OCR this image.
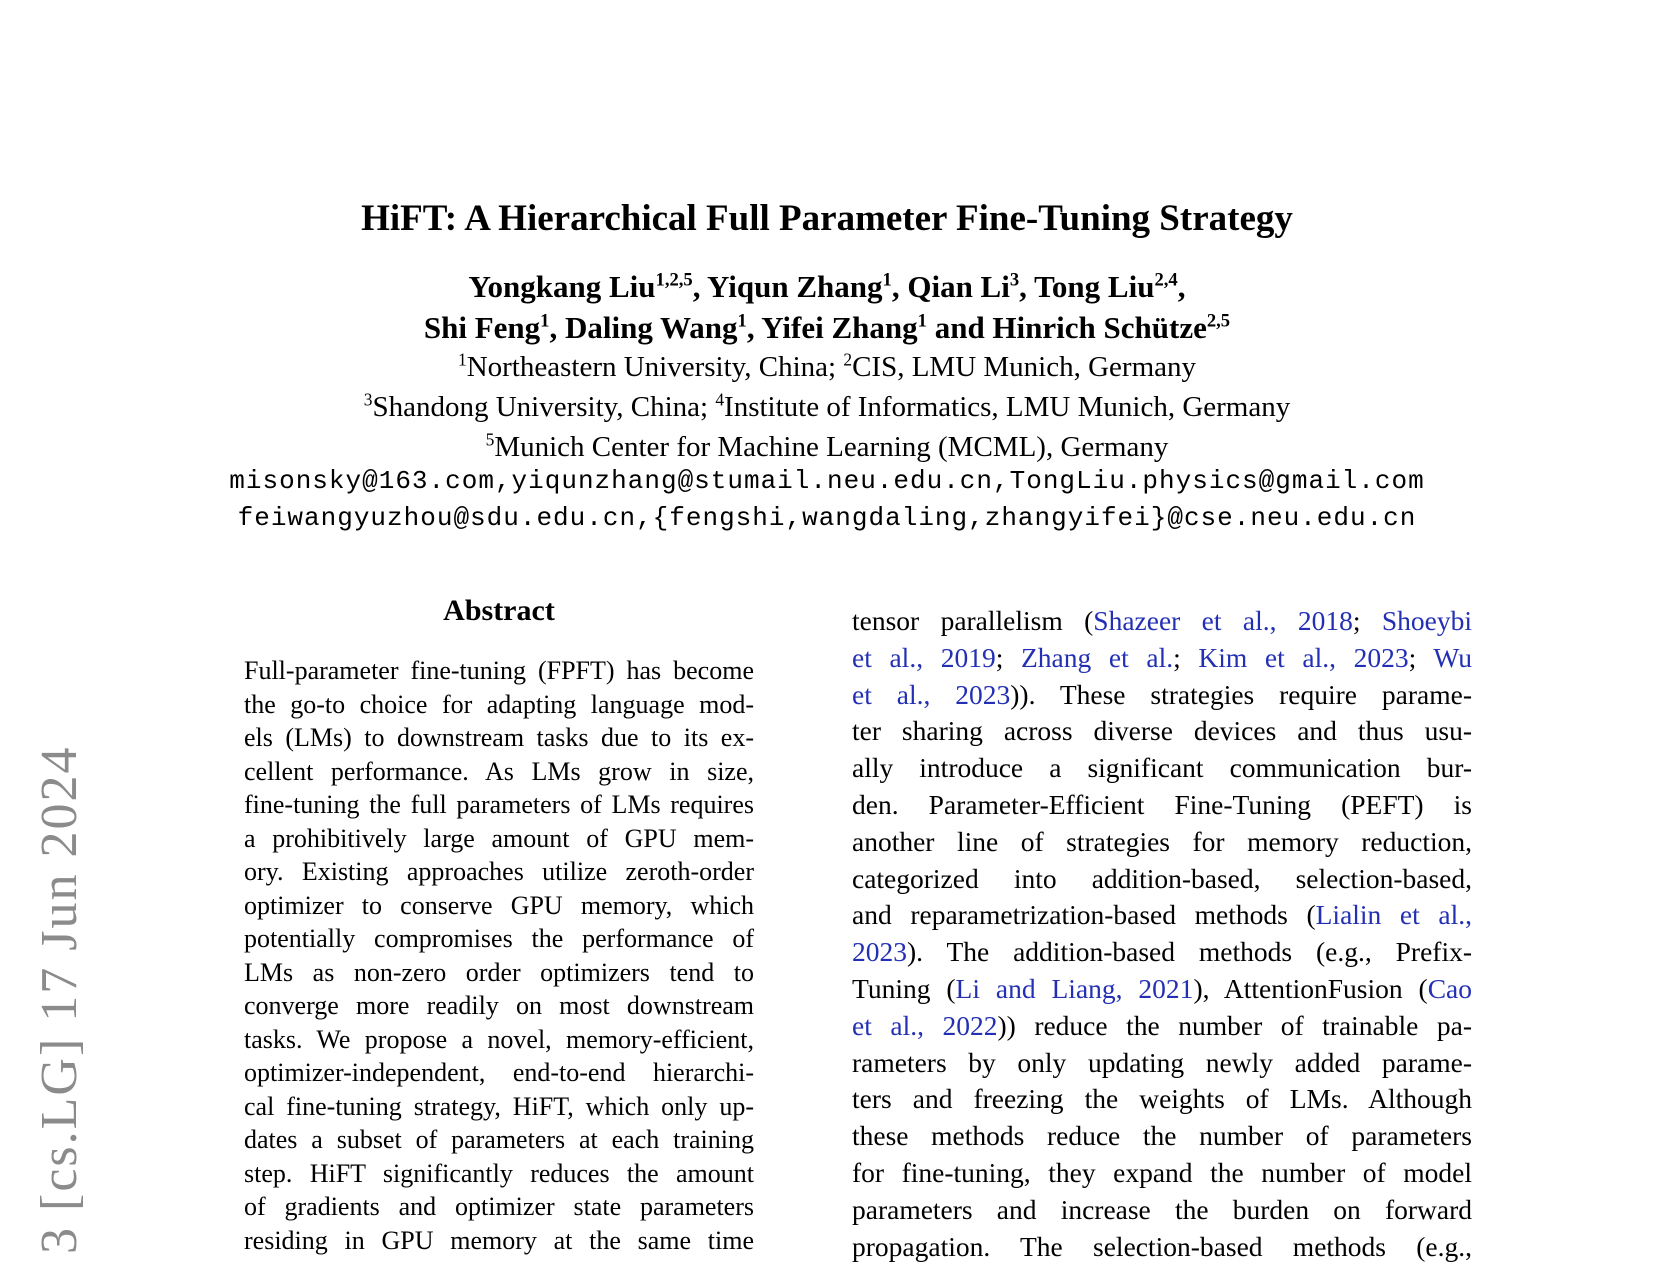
3 [cs.LG] 17 Jun 2024
HiFT: A Hierarchical Full Parameter Fine-Tuning Strategy
Yongkang Liu$^{1,2,5}$, Yiqun Zhang$^1$, Qian Li$^3$, Tong Liu$^{2,4}$,
Shi Feng$^1$, Daling Wang$^1$, Yifei Zhang$^1$ and Hinrich Schütze$^{2,5}$
$^1$Northeastern University, China; $^2$CIS, LMU Munich, Germany
$^3$Shandong University, China; $^4$Institute of Informatics, LMU Munich, Germany
$^5$Munich Center for Machine Learning (MCML), Germany
misonsky@163.com,yiqunzhang@stumail.neu.edu.cn,TongLiu.physics@gmail.com
feiwangyuzhou@sdu.edu.cn,{fengshi,wangdaling,zhangyifei}@cse.neu.edu.cn
Abstract
Full-parameter fine-tuning (FPFT) has become
the go-to choice for adapting language mod-
els (LMs) to downstream tasks due to its ex-
cellent performance. As LMs grow in size,
fine-tuning the full parameters of LMs requires
a prohibitively large amount of GPU mem-
ory. Existing approaches utilize zeroth-order
optimizer to conserve GPU memory, which
potentially compromises the performance of
LMs as non-zero order optimizers tend to
converge more readily on most downstream
tasks. We propose a novel, memory-efficient,
optimizer-independent, end-to-end hierarchi-
cal fine-tuning strategy, HiFT, which only up-
dates a subset of parameters at each training
step. HiFT significantly reduces the amount
of gradients and optimizer state parameters
residing in GPU memory at the same time
tensor parallelism (Shazeer et al., 2018; Shoeybi
et al., 2019; Zhang et al.; Kim et al., 2023; Wu
et al., 2023)). These strategies require parame-
ter sharing across diverse devices and thus usu-
ally introduce a significant communication bur-
den. Parameter-Efficient Fine-Tuning (PEFT) is
another line of strategies for memory reduction,
categorized into addition-based, selection-based,
and reparametrization-based methods (Lialin et al.,
2023). The addition-based methods (e.g., Prefix-
Tuning (Li and Liang, 2021), AttentionFusion (Cao
et al., 2022)) reduce the number of trainable pa-
rameters by only updating newly added parame-
ters and freezing the weights of LMs. Although
these methods reduce the number of parameters
for fine-tuning, they expand the number of model
parameters and increase the burden on forward
propagation. The selection-based methods (e.g.,
